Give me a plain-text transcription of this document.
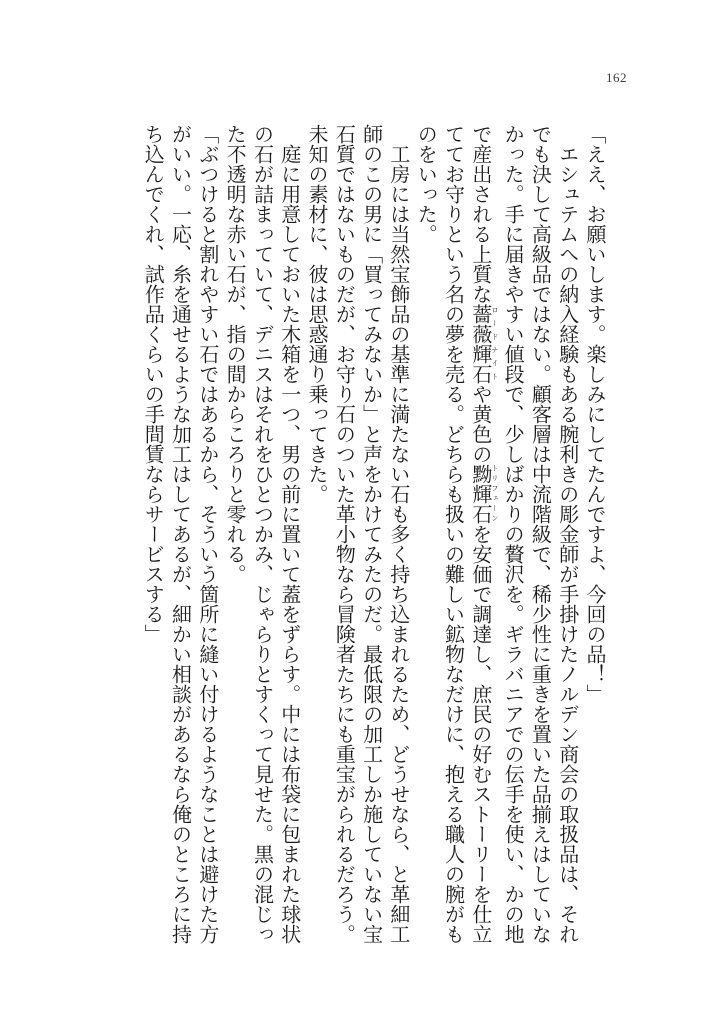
162
「ええ、お願いします。楽しみにしてたんですよ、今回の品！」
　エシュテムへの納入経験もある腕利きの彫金師が手掛けたノルデン商会の取扱品は、それ
でも決して高級品ではない。顧客層は中流階級で、稀少性に重きを置いた品揃えはしていな
かった。手に届きやすい値段で、少しばかりの贅沢を。ギラバニアでの伝手を使い、かの地
で産出される上質な薔薇輝石ロードナイトや黄色の黝輝石トリフェーンを安価で調達し、庶民の好むストーリーを仕立
ててお守りという名の夢を売る。どちらも扱いの難しい鉱物なだけに、抱える職人の腕がも
のをいった。
　工房には当然宝飾品の基準に満たない石も多く持ち込まれるため、どうせなら、と革細工
師のこの男に「買ってみないか」と声をかけてみたのだ。最低限の加工しか施していない宝
石質ではないものだが、お守り石のついた革小物なら冒険者たちにも重宝がられるだろう。
未知の素材に、彼は思惑通り乗ってきた。
　庭に用意しておいた木箱を一つ、男の前に置いて蓋をずらす。中には布袋に包まれた球状
の石が詰まっていて、デニスはそれをひとつかみ、じゃらりとすくって見せた。黒の混じっ
た不透明な赤い石が、指の間からころりと零れる。
「ぶつけると割れやすい石ではあるから、そういう箇所に縫い付けるようなことは避けた方
がいい。一応、糸を通せるような加工はしてあるが、細かい相談があるなら俺のところに持
ち込んでくれ、試作品くらいの手間賃ならサービスする」
